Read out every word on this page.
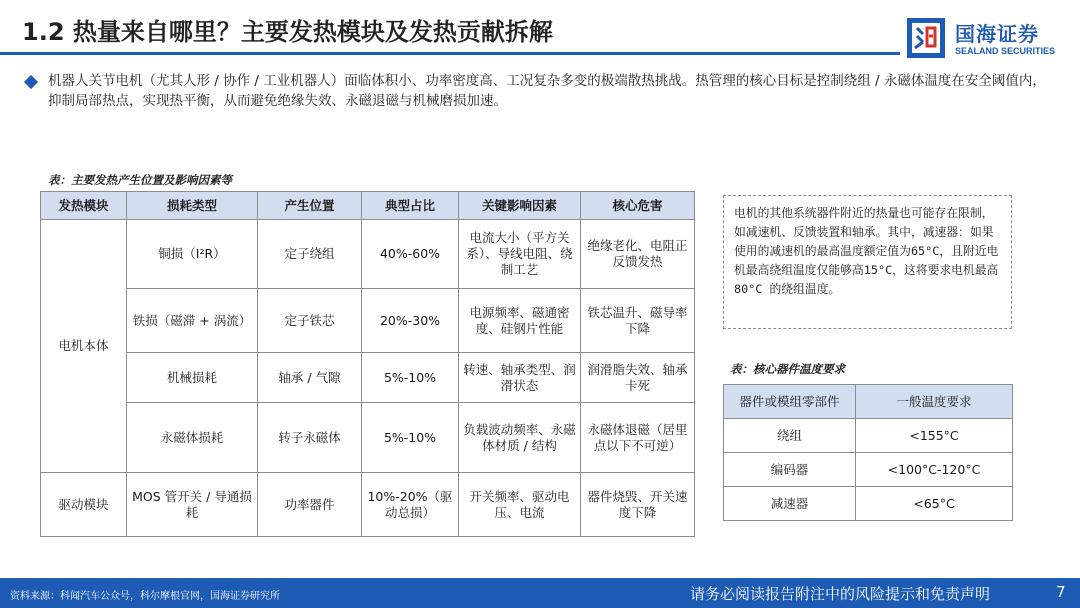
1.2 热量来自哪里？主要发热模块及发热贡献拆解	国海证券
SEALAND SECURITIES
机器人关节电机（尤其人形 / 协作 / 工业机器人）面临体积小、功率密度高、工况复杂多变的极端散热挑战。热管理的核心目标是控制绕组 / 永磁体温度在安全阈值内，抑制局部热点，实现热平衡，从而避免绝缘失效、永磁退磁与机械磨损加速。
表：主要发热产生位置及影响因素等
发热模块	损耗类型	产生位置	典型占比	关键影响因素	核心危害
电机本体	铜损（I²R）	定子绕组	40%-60%	电流大小（平方关系）、导线电阻、绕制工艺	绝缘老化、电阻正反馈发热
	铁损（磁滞 + 涡流）	定子铁芯	20%-30%	电源频率、磁通密度、硅钢片性能	铁芯温升、磁导率下降
	机械损耗	轴承 / 气隙	5%-10%	转速、轴承类型、润滑状态	润滑脂失效、轴承卡死
	永磁体损耗	转子永磁体	5%-10%	负载波动频率、永磁体材质 / 结构	永磁体退磁（居里点以下不可逆）
驱动模块	MOS 管开关 / 导通损耗	功率器件	10%-20%（驱动总损）	开关频率、驱动电压、电流	器件烧毁、开关速度下降
电机的其他系统器件附近的热量也可能存在限制，如减速机、反馈装置和轴承。其中，减速器：如果使用的减速机的最高温度额定值为65°C，且附近电机最高绕组温度仅能够高15°C，这将要求电机最高80°C 的绕组温度。
表：核心器件温度要求
器件或模组零部件	一般温度要求
绕组	<155°C
编码器	<100°C-120°C
减速器	<65°C
资料来源：科闻汽车公众号，科尔摩根官网，国海证券研究所	请务必阅读报告附注中的风险提示和免责声明	7
